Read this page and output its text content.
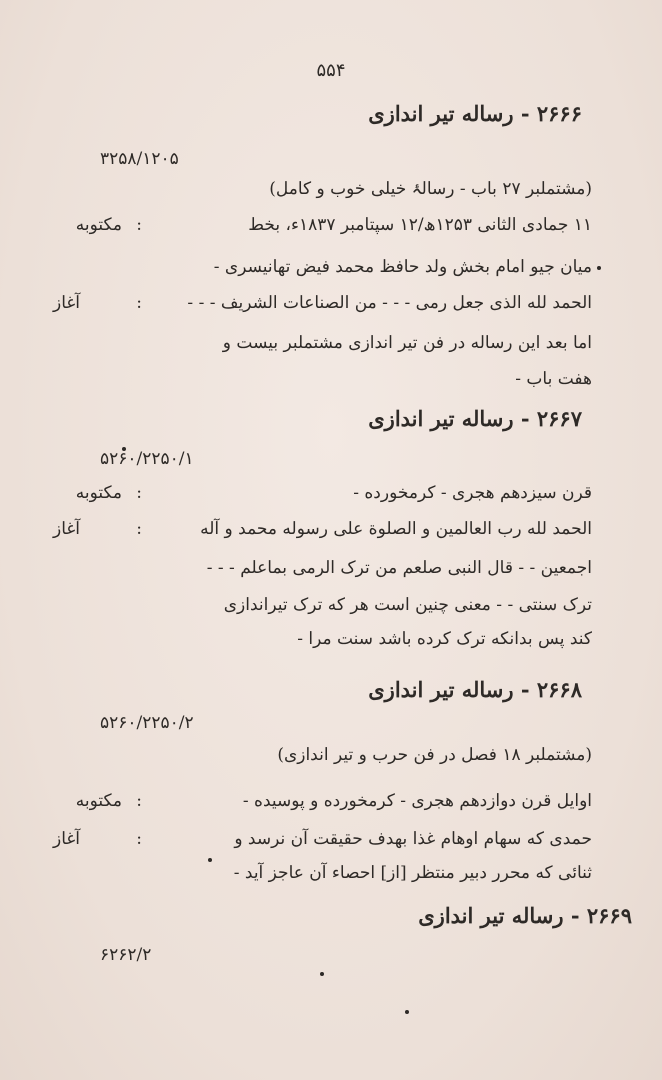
۵۵۴
۲۶۶۶ - رساله تیر اندازی
۳۲۵۸/۱۲۰۵
(مشتملبر ۲۷ باب - رسالۂ خیلی خوب و کامل)
مکتوبه :	۱۱ جمادی الثانی ۱۲۵۳ھ/۱۲ سپتامبر ۱۸۳۷ء، بخط
میان جیو امام بخش ولد حافظ محمد فیض تھانیسری -
آغاز	:	الحمد لله الذی جعل رمی - - - من الصناعات الشریف - - -
اما بعد این رساله در فن تیر اندازی مشتملبر بیست و
هفت باب -
۲۶۶۷ - رساله تیر اندازی
۵۲۶۰/۲۲۵۰/۱
مکتوبه :	قرن سیزدهم هجری - کرمخورده -
آغاز	:	الحمد لله رب العالمین و الصلوة علی رسوله محمد و آله
اجمعین - - قال النبی صلعم من ترک الرمی بماعلم - - -
ترک سنتی - - معنی چنین است هر که ترک تیراندازی
کند پس بدانکه ترک کرده باشد سنت مرا -
۲۶۶۸ - رساله تیر اندازی
۵۲۶۰/۲۲۵۰/۲
(مشتملبر ۱۸ فصل در فن حرب و تیر اندازی)
مکتوبه :	اوایل قرن دوازدهم هجری - کرمخورده و پوسیده -
آغاز	:	حمدی که سهام اوهام غذا بهدف حقیقت آن نرسد و
ثنائی که محرر دبیر منتظر [از] احصاء آن عاجز آید -
۲۶۶۹ - رساله تیر اندازی
۶۲۶۲/۲
